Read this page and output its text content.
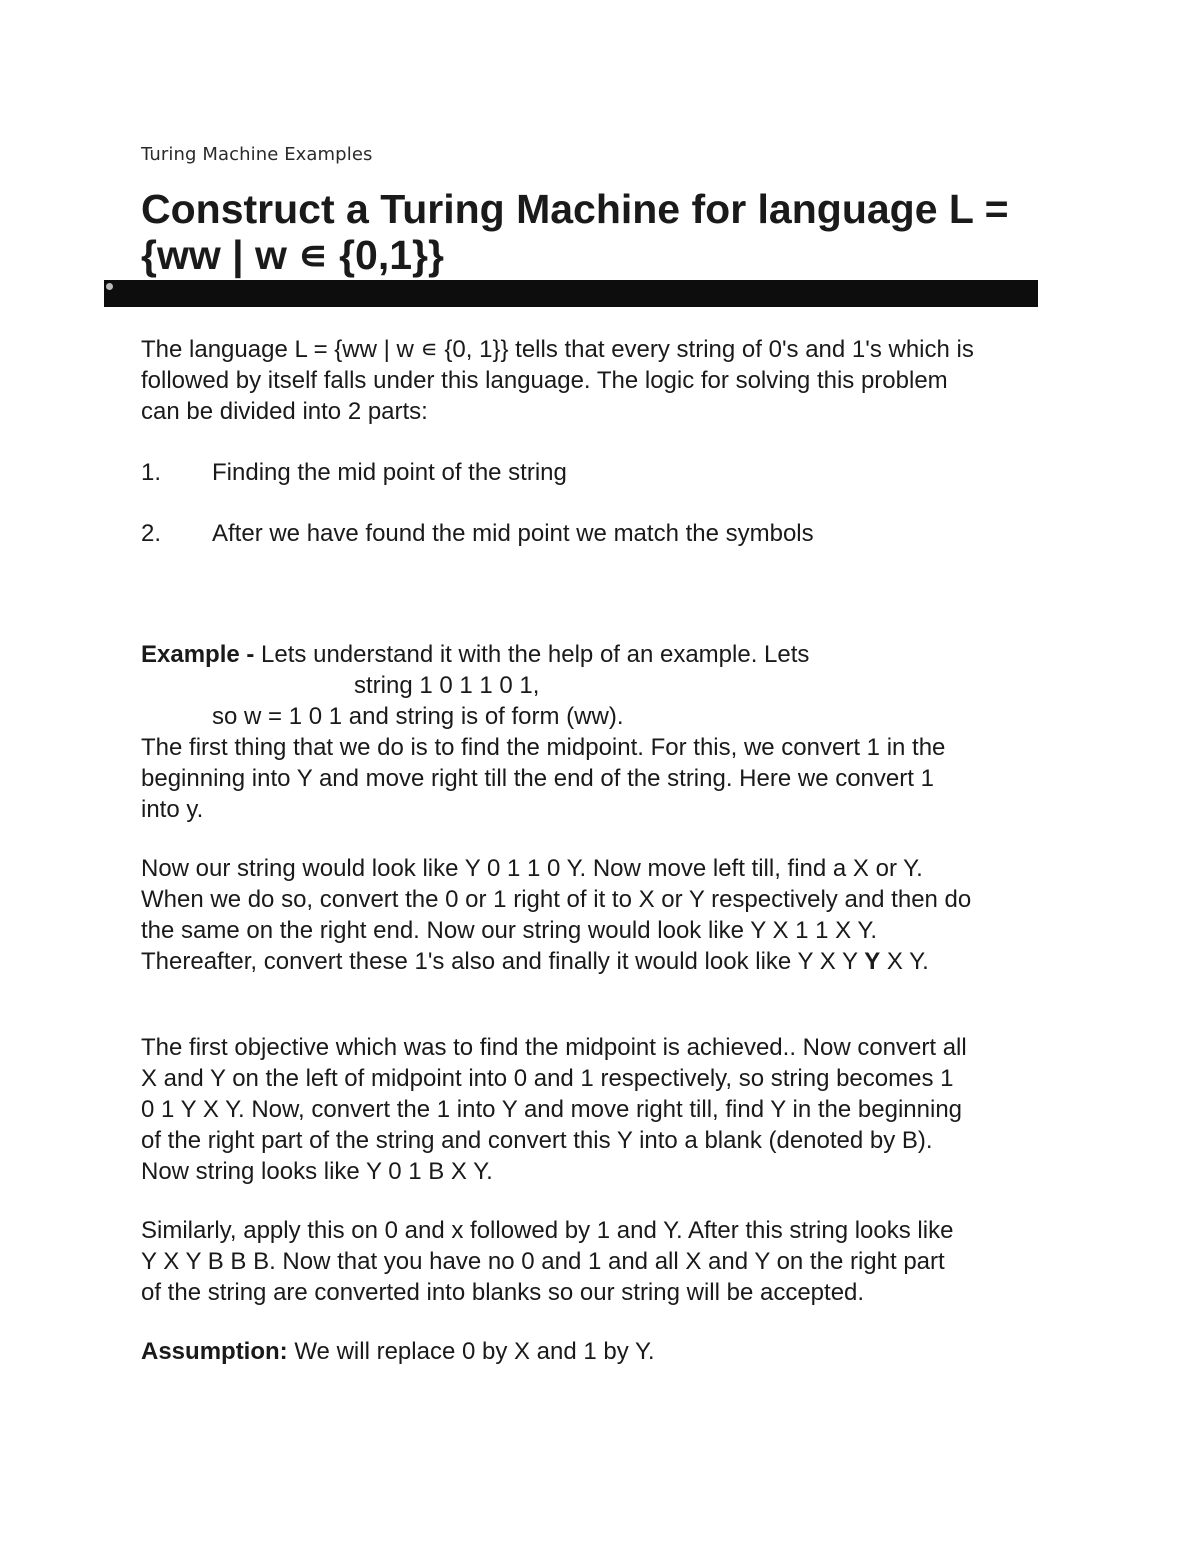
Turing Machine Examples
Construct a Turing Machine for language L =
{ww | w ∊ {0,1}}

The language L = {ww | w ∊ {0, 1}} tells that every string of 0's and 1's which is
followed by itself falls under this language. The logic for solving this problem
can be divided into 2 parts:

1. Finding the mid point of the string
2. After we have found the mid point we match the symbols

Example - Lets understand it with the help of an example. Lets
string 1 0 1 1 0 1,
so w = 1 0 1 and string is of form (ww).
The first thing that we do is to find the midpoint. For this, we convert 1 in the
beginning into Y and move right till the end of the string. Here we convert 1
into y.

Now our string would look like Y 0 1 1 0 Y. Now move left till, find a X or Y.
When we do so, convert the 0 or 1 right of it to X or Y respectively and then do
the same on the right end. Now our string would look like Y X 1 1 X Y.
Thereafter, convert these 1's also and finally it would look like Y X Y Y X Y.

The first objective which was to find the midpoint is achieved.. Now convert all
X and Y on the left of midpoint into 0 and 1 respectively, so string becomes 1
0 1 Y X Y. Now, convert the 1 into Y and move right till, find Y in the beginning
of the right part of the string and convert this Y into a blank (denoted by B).
Now string looks like Y 0 1 B X Y.

Similarly, apply this on 0 and x followed by 1 and Y. After this string looks like
Y X Y B B B. Now that you have no 0 and 1 and all X and Y on the right part
of the string are converted into blanks so our string will be accepted.

Assumption: We will replace 0 by X and 1 by Y.
